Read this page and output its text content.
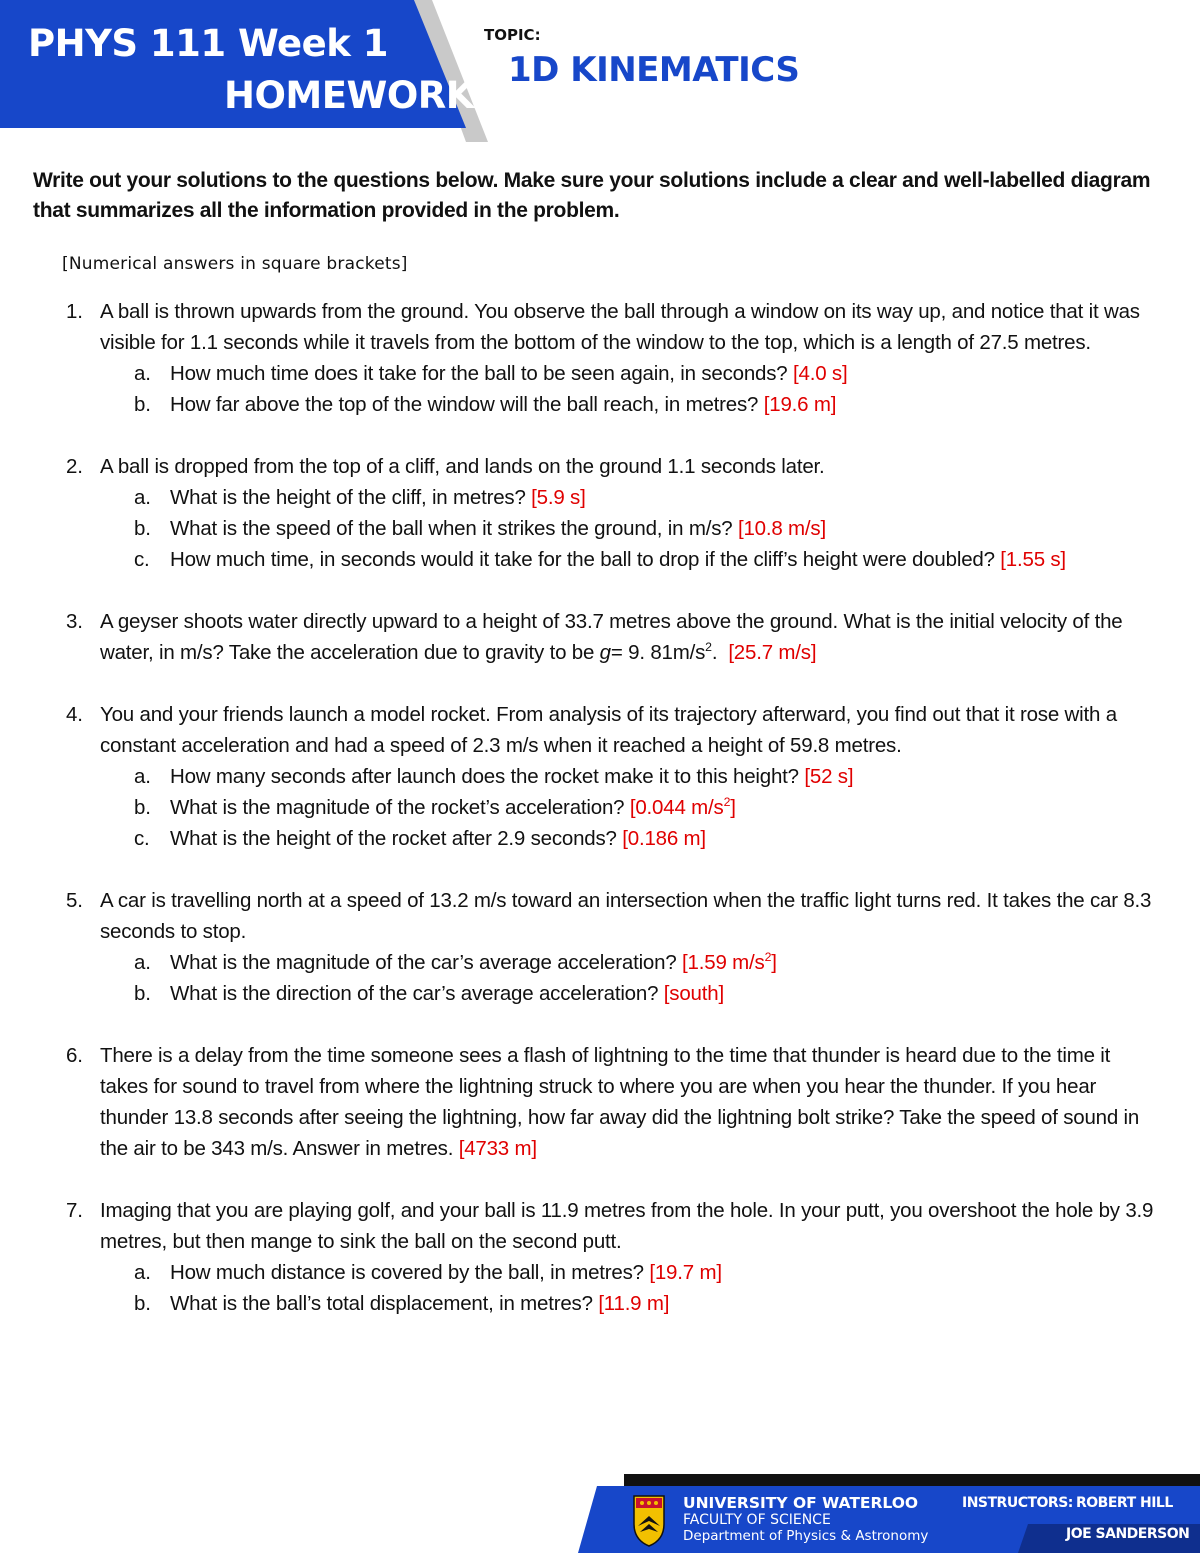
PHYS 111 Week 1
HOMEWORK
TOPIC:
1D KINEMATICS
Write out your solutions to the questions below. Make sure your solutions include a clear and well-labelled diagram that summarizes all the information provided in the problem.
[Numerical answers in square brackets]
1. A ball is thrown upwards from the ground. You observe the ball through a window on its way up, and notice that it was visible for 1.1 seconds while it travels from the bottom of the window to the top, which is a length of 27.5 metres.
a. How much time does it take for the ball to be seen again, in seconds? [4.0 s]
b. How far above the top of the window will the ball reach, in metres? [19.6 m]
2. A ball is dropped from the top of a cliff, and lands on the ground 1.1 seconds later.
a. What is the height of the cliff, in metres? [5.9 s]
b. What is the speed of the ball when it strikes the ground, in m/s? [10.8 m/s]
c. How much time, in seconds would it take for the ball to drop if the cliff’s height were doubled? [1.55 s]
3. A geyser shoots water directly upward to a height of 33.7 metres above the ground. What is the initial velocity of the water, in m/s? Take the acceleration due to gravity to be g= 9. $81m/s^2$. [25.7 m/s]
4. You and your friends launch a model rocket. From analysis of its trajectory afterward, you find out that it rose with a constant acceleration and had a speed of 2.3 m/s when it reached a height of 59.8 metres.
a. How many seconds after launch does the rocket make it to this height? [52 s]
b. What is the magnitude of the rocket’s acceleration? [0.044 $m/s^2$]
c. What is the height of the rocket after 2.9 seconds? [0.186 m]
5. A car is travelling north at a speed of 13.2 m/s toward an intersection when the traffic light turns red. It takes the car 8.3 seconds to stop.
a. What is the magnitude of the car’s average acceleration? [1.59 $m/s^2$]
b. What is the direction of the car’s average acceleration? [south]
6. There is a delay from the time someone sees a flash of lightning to the time that thunder is heard due to the time it takes for sound to travel from where the lightning struck to where you are when you hear the thunder. If you hear thunder 13.8 seconds after seeing the lightning, how far away did the lightning bolt strike? Take the speed of sound in the air to be 343 m/s. Answer in metres. [4733 m]
7. Imaging that you are playing golf, and your ball is 11.9 metres from the hole. In your putt, you overshoot the hole by 3.9 metres, but then mange to sink the ball on the second putt.
a. How much distance is covered by the ball, in metres? [19.7 m]
b. What is the ball’s total displacement, in metres? [11.9 m]
UNIVERSITY OF WATERLOO
FACULTY OF SCIENCE
Department of Physics & Astronomy
INSTRUCTORS: ROBERT HILL
JOE SANDERSON
